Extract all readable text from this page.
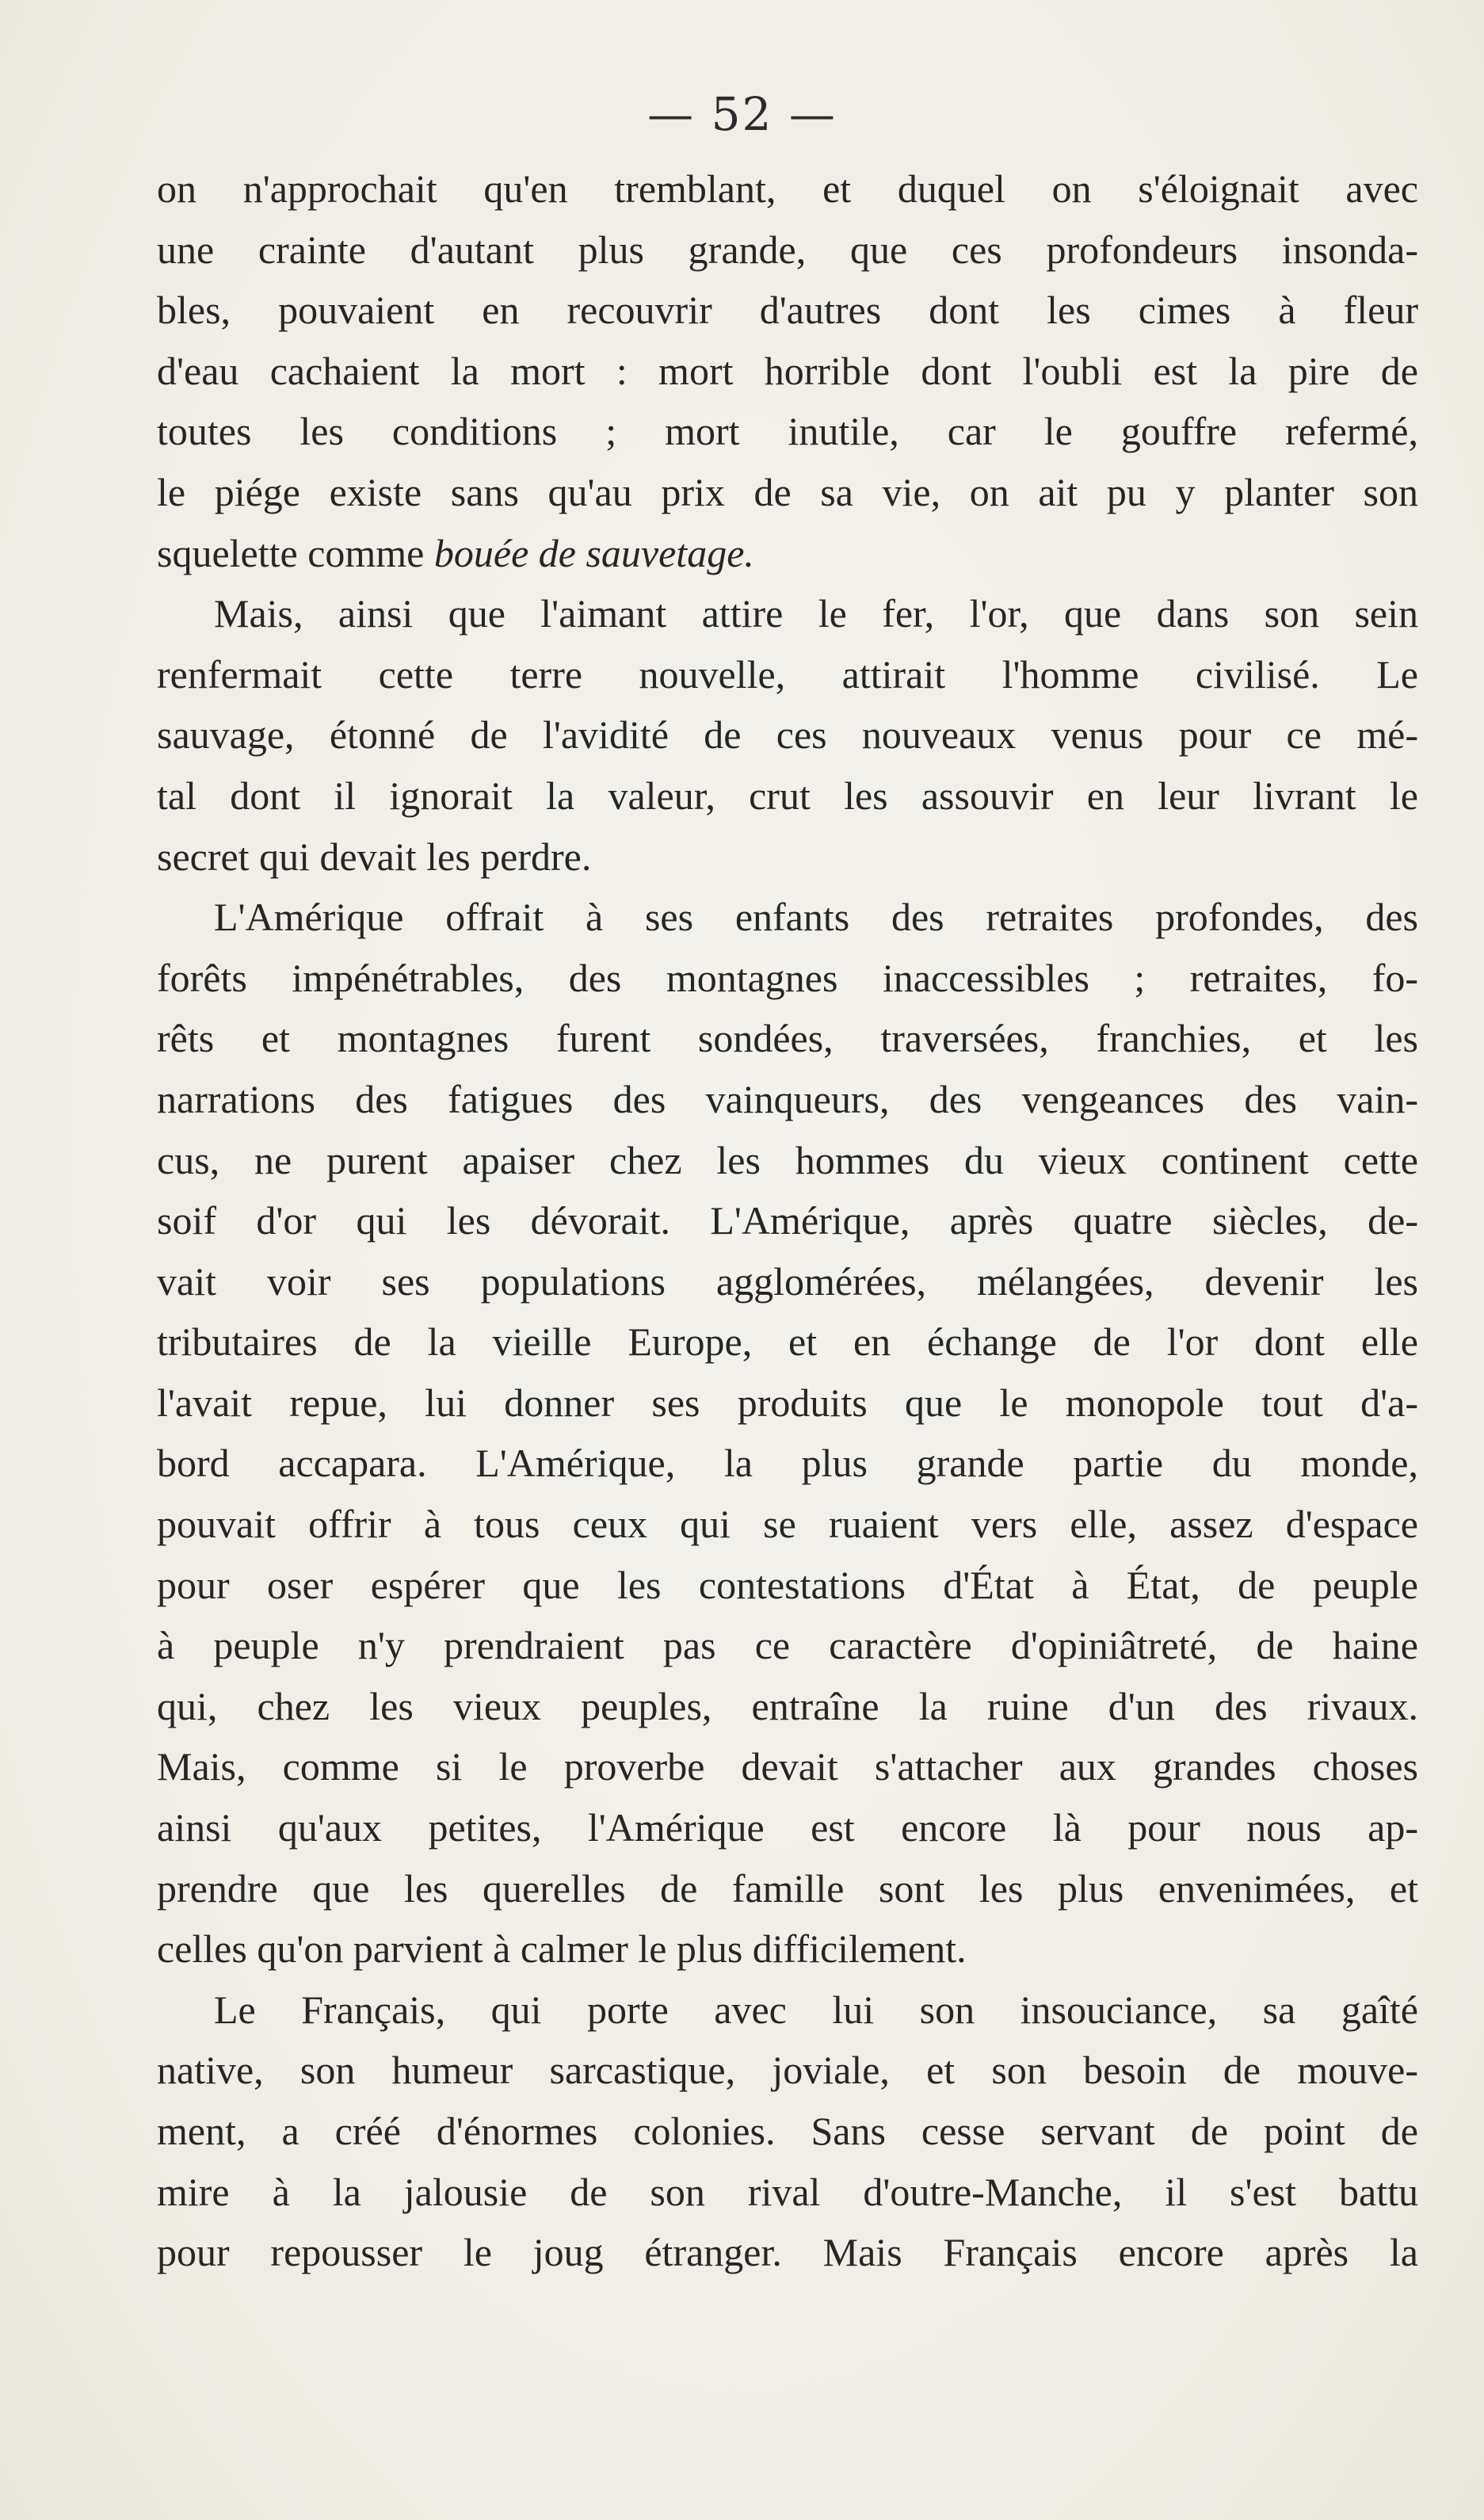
— 52 —
on n'approchait qu'en tremblant, et duquel on s'éloignait avec
une crainte d'autant plus grande, que ces profondeurs insonda-
bles, pouvaient en recouvrir d'autres dont les cimes à fleur
d'eau cachaient la mort : mort horrible dont l'oubli est la pire de
toutes les conditions ; mort inutile, car le gouffre refermé,
le piége existe sans qu'au prix de sa vie, on ait pu y planter son
squelette comme bouée de sauvetage.
Mais, ainsi que l'aimant attire le fer, l'or, que dans son sein
renfermait cette terre nouvelle, attirait l'homme civilisé. Le
sauvage, étonné de l'avidité de ces nouveaux venus pour ce mé-
tal dont il ignorait la valeur, crut les assouvir en leur livrant le
secret qui devait les perdre.
L'Amérique offrait à ses enfants des retraites profondes, des
forêts impénétrables, des montagnes inaccessibles ; retraites, fo-
rêts et montagnes furent sondées, traversées, franchies, et les
narrations des fatigues des vainqueurs, des vengeances des vain-
cus, ne purent apaiser chez les hommes du vieux continent cette
soif d'or qui les dévorait. L'Amérique, après quatre siècles, de-
vait voir ses populations agglomérées, mélangées, devenir les
tributaires de la vieille Europe, et en échange de l'or dont elle
l'avait repue, lui donner ses produits que le monopole tout d'a-
bord accapara. L'Amérique, la plus grande partie du monde,
pouvait offrir à tous ceux qui se ruaient vers elle, assez d'espace
pour oser espérer que les contestations d'État à État, de peuple
à peuple n'y prendraient pas ce caractère d'opiniâtreté, de haine
qui, chez les vieux peuples, entraîne la ruine d'un des rivaux.
Mais, comme si le proverbe devait s'attacher aux grandes choses
ainsi qu'aux petites, l'Amérique est encore là pour nous ap-
prendre que les querelles de famille sont les plus envenimées, et
celles qu'on parvient à calmer le plus difficilement.
Le Français, qui porte avec lui son insouciance, sa gaîté
native, son humeur sarcastique, joviale, et son besoin de mouve-
ment, a créé d'énormes colonies. Sans cesse servant de point de
mire à la jalousie de son rival d'outre-Manche, il s'est battu
pour repousser le joug étranger. Mais Français encore après la
